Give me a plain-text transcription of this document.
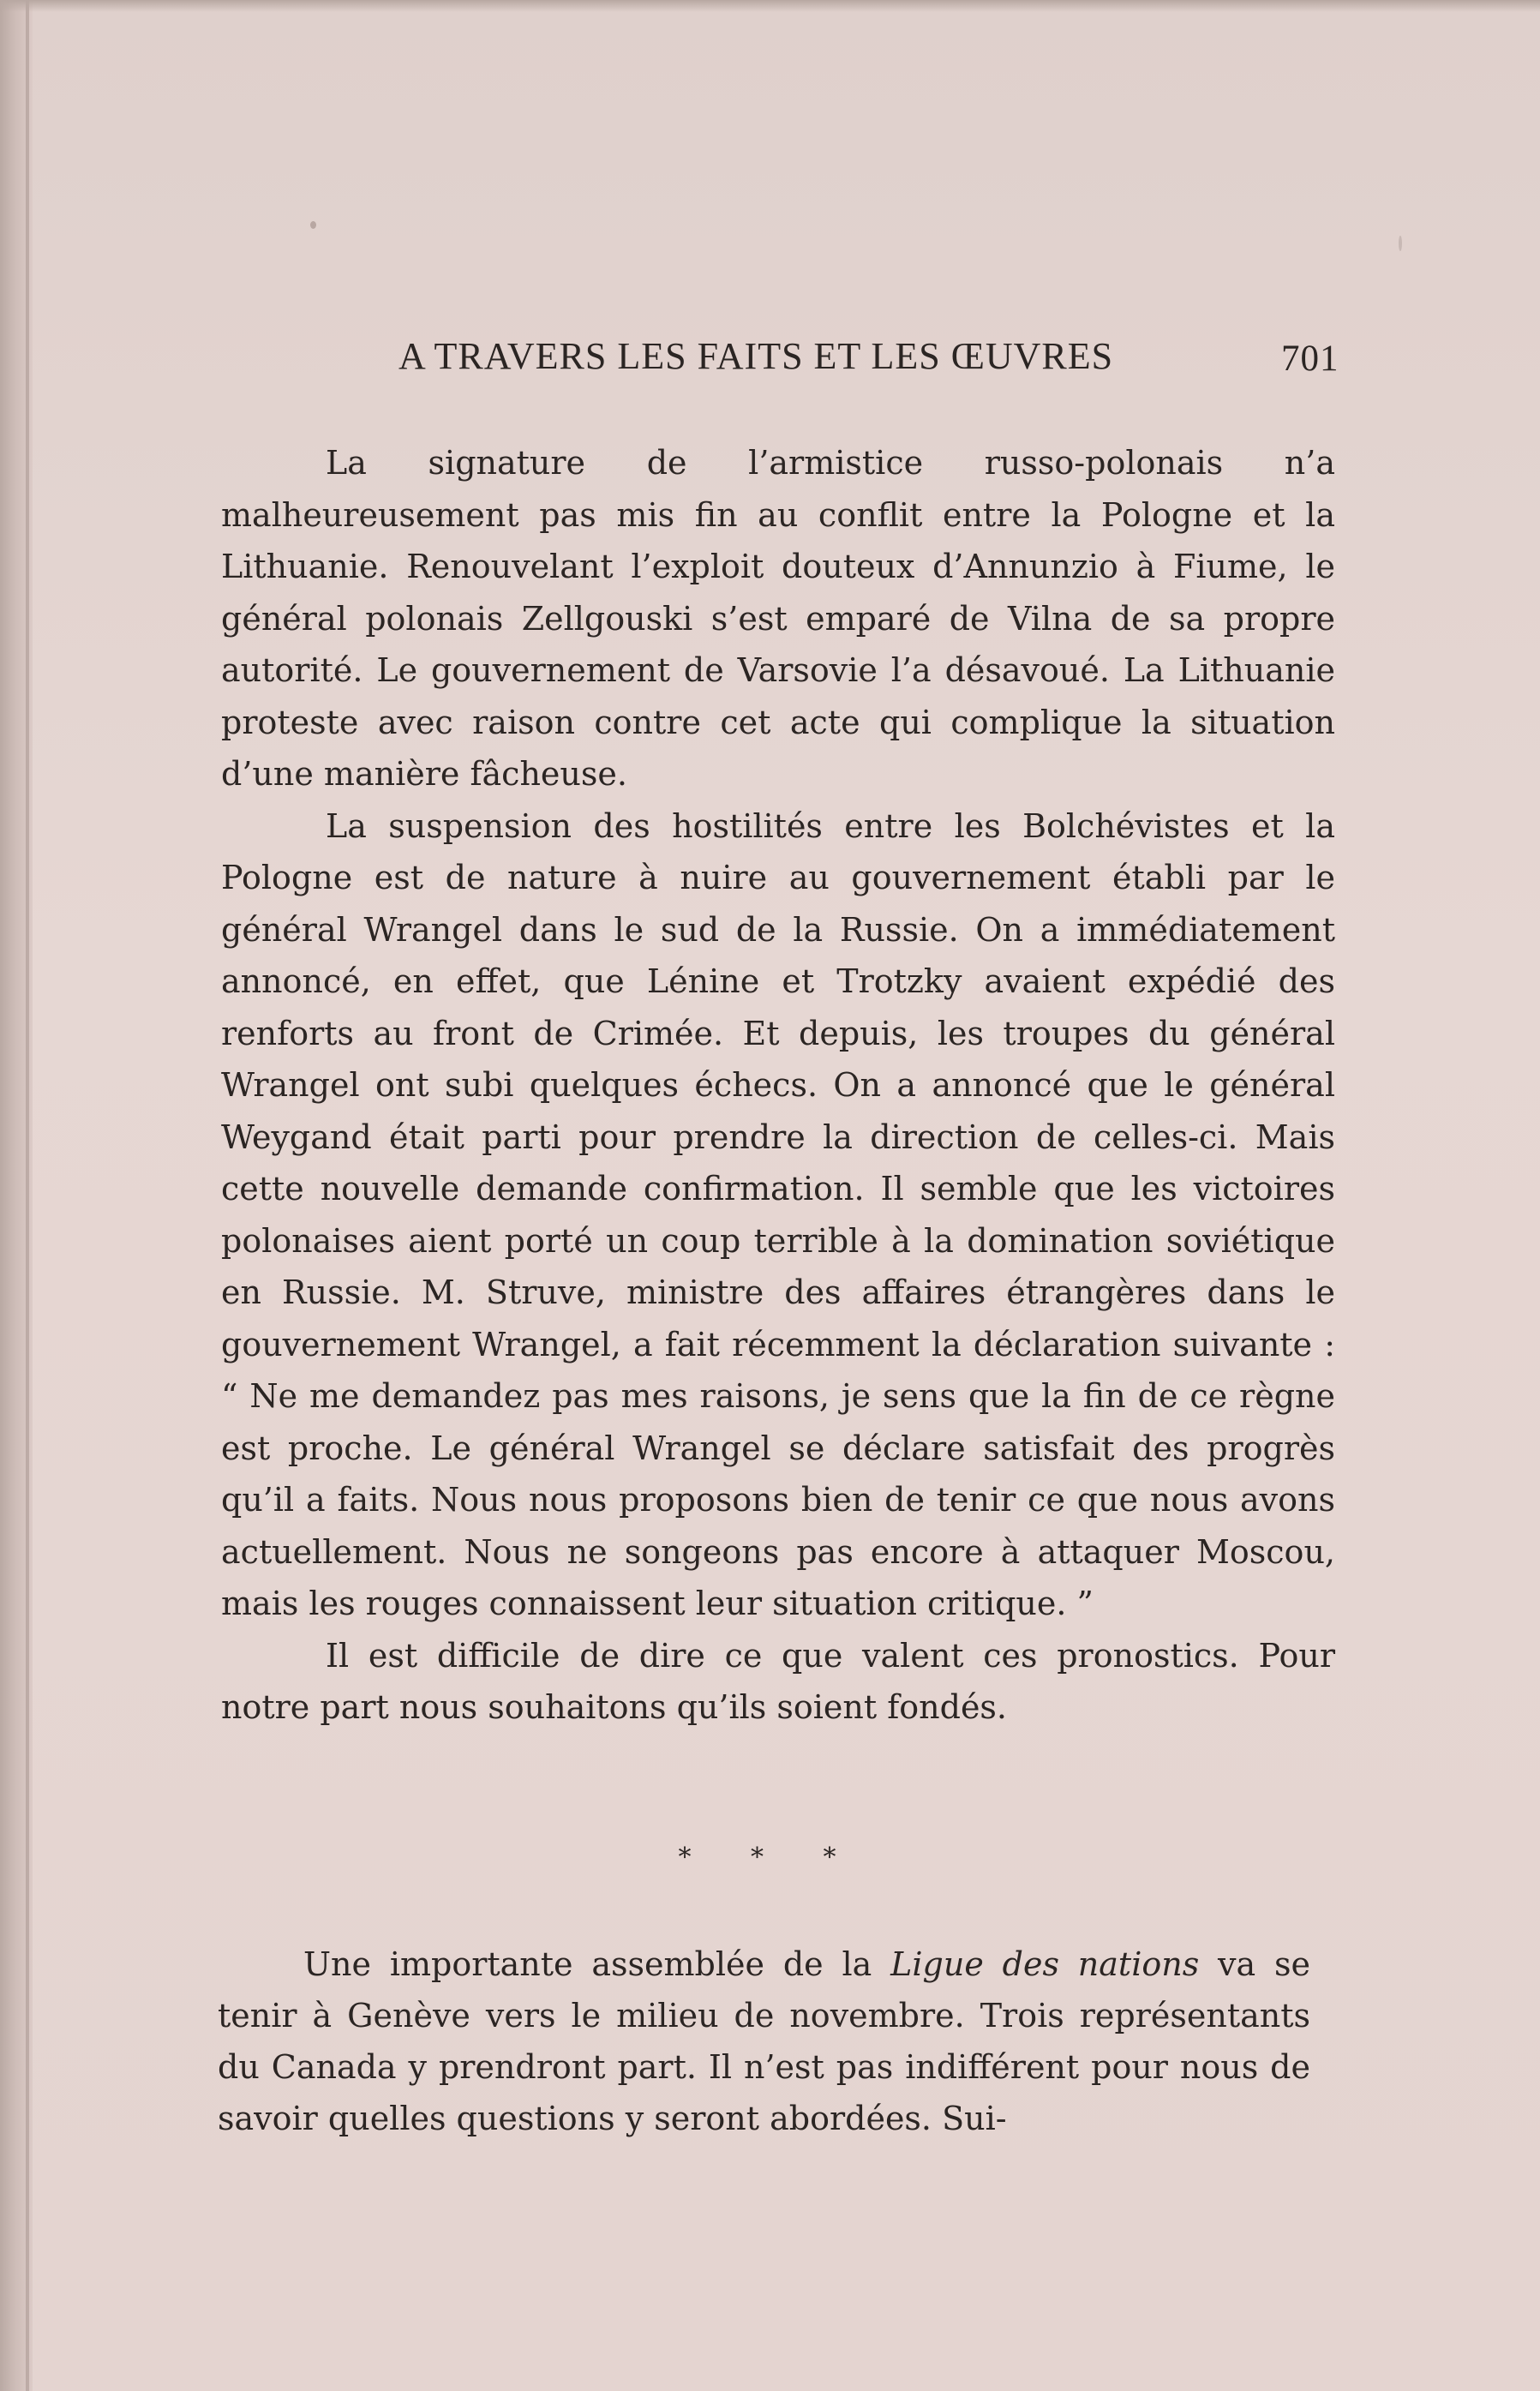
A TRAVERS LES FAITS ET LES ŒUVRES	701

La signature de l’armistice russo-polonais n’a malheureusement pas mis fin au conflit entre la Pologne et la Lithuanie. Renouvelant l’exploit douteux d’Annunzio à Fiume, le général polonais Zellgouski s’est emparé de Vilna de sa propre autorité. Le gouvernement de Varsovie l’a désavoué. La Lithuanie proteste avec raison contre cet acte qui complique la situation d’une manière fâcheuse.

La suspension des hostilités entre les Bolchévistes et la Pologne est de nature à nuire au gouvernement établi par le général Wrangel dans le sud de la Russie. On a immédiatement annoncé, en effet, que Lénine et Trotzky avaient expédié des renforts au front de Crimée. Et depuis, les troupes du général Wrangel ont subi quelques échecs. On a annoncé que le général Weygand était parti pour prendre la direction de celles-ci. Mais cette nouvelle demande confirmation. Il semble que les victoires polonaises aient porté un coup terrible à la domination soviétique en Russie. M. Struve, ministre des affaires étrangères dans le gouvernement Wrangel, a fait récemment la déclaration suivante : “ Ne me demandez pas mes raisons, je sens que la fin de ce règne est proche. Le général Wrangel se déclare satisfait des progrès qu’il a faits. Nous nous proposons bien de tenir ce que nous avons actuellement. Nous ne songeons pas encore à attaquer Moscou, mais les rouges connaissent leur situation critique. ”

Il est difficile de dire ce que valent ces pronostics. Pour notre part nous souhaitons qu’ils soient fondés.

* * *

Une importante assemblée de la Ligue des nations va se tenir à Genève vers le milieu de novembre. Trois représentants du Canada y prendront part. Il n’est pas indifférent pour nous de savoir quelles questions y seront abordées. Sui-
